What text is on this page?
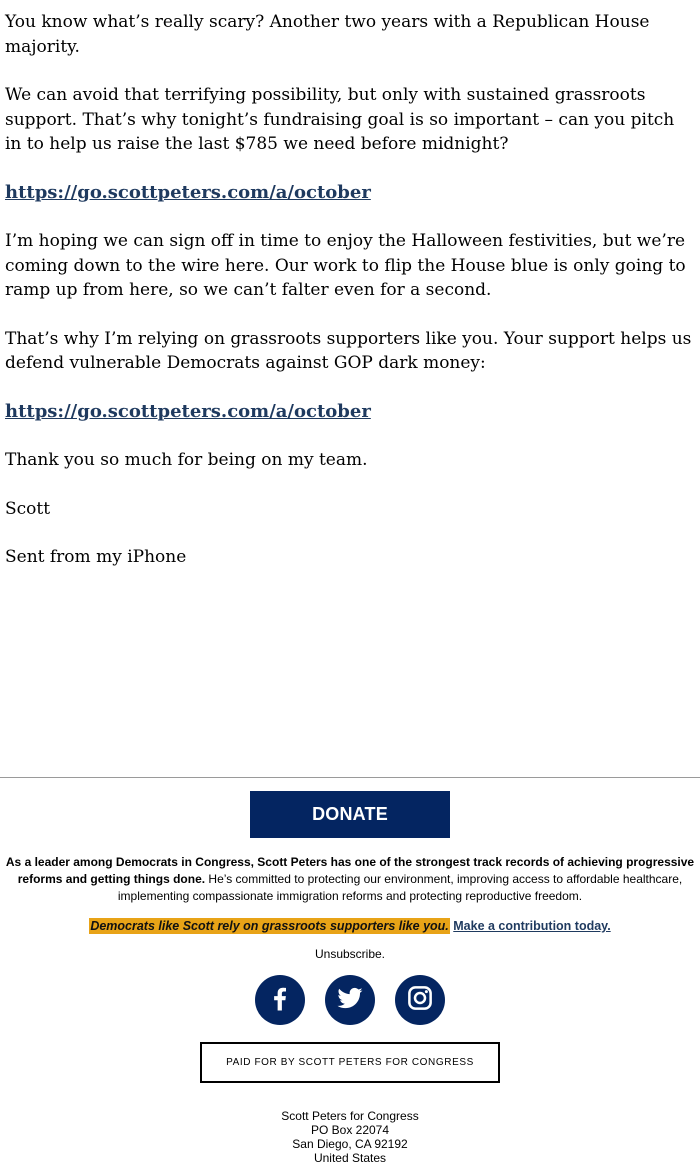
You know what’s really scary? Another two years with a Republican House majority.

We can avoid that terrifying possibility, but only with sustained grassroots support. That’s why tonight’s fundraising goal is so important – can you pitch in to help us raise the last $785 we need before midnight?

https://go.scottpeters.com/a/october

I’m hoping we can sign off in time to enjoy the Halloween festivities, but we’re coming down to the wire here. Our work to flip the House blue is only going to ramp up from here, so we can’t falter even for a second.

That’s why I’m relying on grassroots supporters like you. Your support helps us defend vulnerable Democrats against GOP dark money:

https://go.scottpeters.com/a/october

Thank you so much for being on my team.

Scott

Sent from my iPhone

DONATE
As a leader among Democrats in Congress, Scott Peters has one of the strongest track records of achieving progressive reforms and getting things done. He’s committed to protecting our environment, improving access to affordable healthcare, implementing compassionate immigration reforms and protecting reproductive freedom.
Democrats like Scott rely on grassroots supporters like you. Make a contribution today.
Unsubscribe.
PAID FOR BY SCOTT PETERS FOR CONGRESS
Scott Peters for Congress
PO Box 22074
San Diego, CA 92192
United States
